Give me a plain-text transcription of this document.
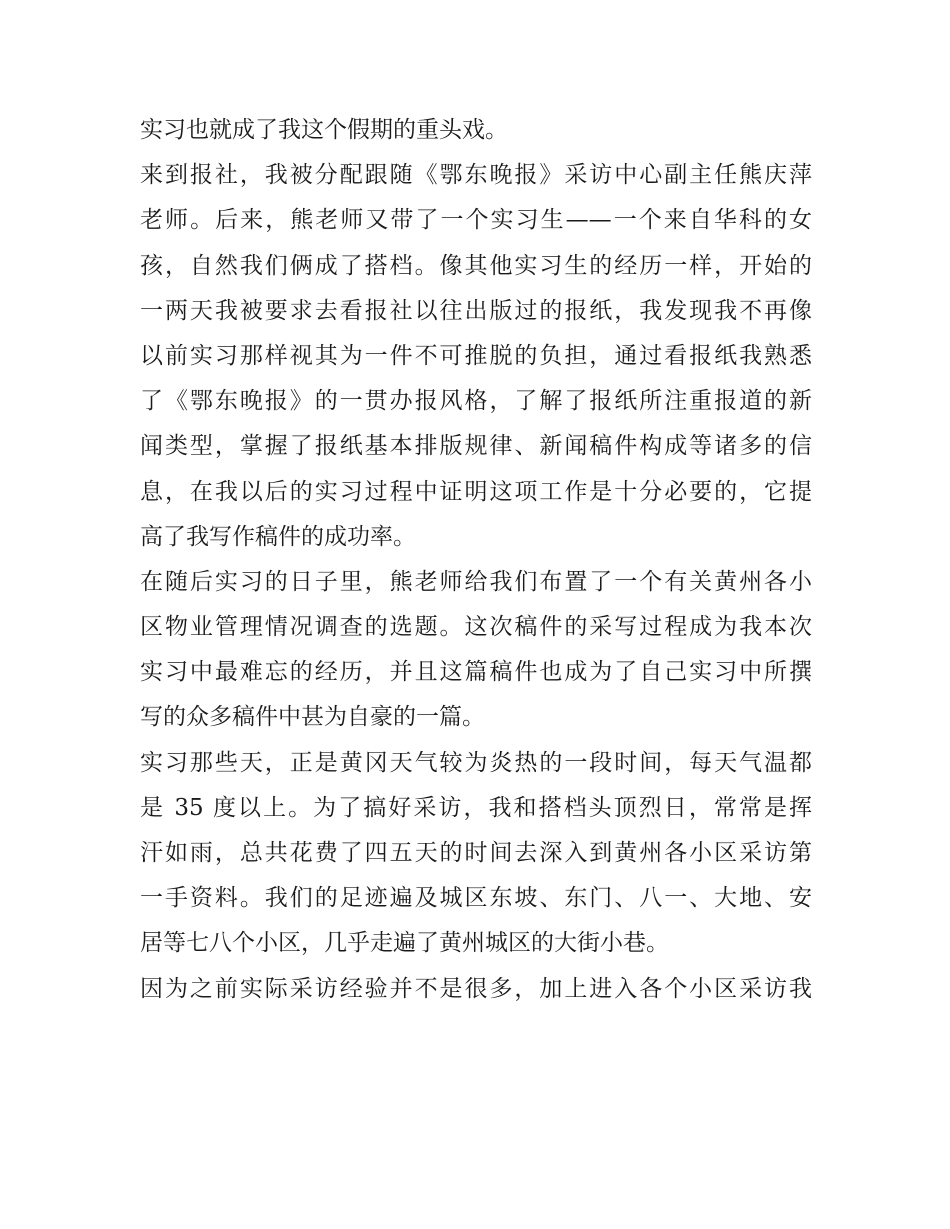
实习也就成了我这个假期的重头戏。

来到报社，我被分配跟随《鄂东晚报》采访中心副主任熊庆萍
老师。后来，熊老师又带了一个实习生——一个来自华科的女
孩，自然我们俩成了搭档。像其他实习生的经历一样，开始的
一两天我被要求去看报社以往出版过的报纸，我发现我不再像
以前实习那样视其为一件不可推脱的负担，通过看报纸我熟悉
了《鄂东晚报》的一贯办报风格，了解了报纸所注重报道的新
闻类型，掌握了报纸基本排版规律、新闻稿件构成等诸多的信
息，在我以后的实习过程中证明这项工作是十分必要的，它提
高了我写作稿件的成功率。

在随后实习的日子里，熊老师给我们布置了一个有关黄州各小
区物业管理情况调查的选题。这次稿件的采写过程成为我本次
实习中最难忘的经历，并且这篇稿件也成为了自己实习中所撰
写的众多稿件中甚为自豪的一篇。

实习那些天，正是黄冈天气较为炎热的一段时间，每天气温都
是 35 度以上。为了搞好采访，我和搭档头顶烈日，常常是挥
汗如雨，总共花费了四五天的时间去深入到黄州各小区采访第
一手资料。我们的足迹遍及城区东坡、东门、八一、大地、安
居等七八个小区，几乎走遍了黄州城区的大街小巷。

因为之前实际采访经验并不是很多，加上进入各个小区采访我
